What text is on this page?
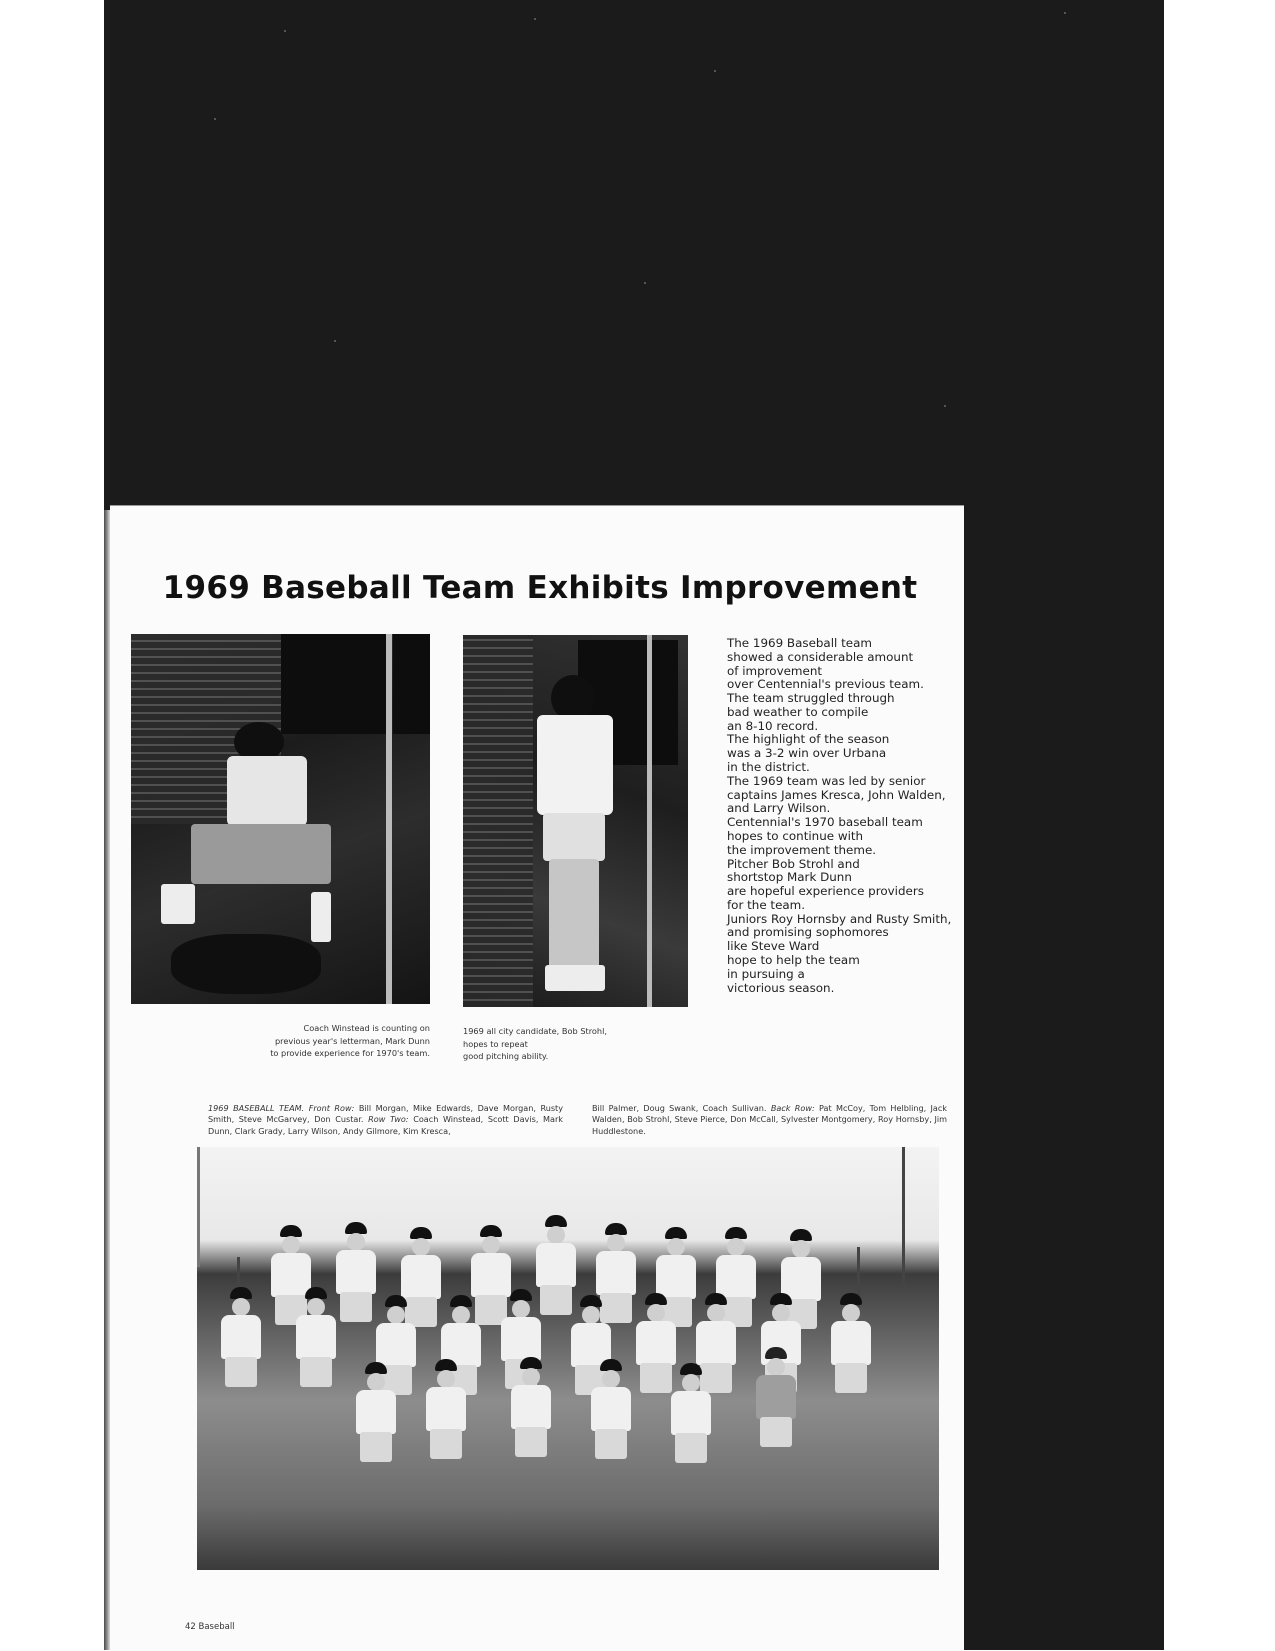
1969 Baseball Team Exhibits Improvement
The 1969 Baseball team
showed a considerable amount
of improvement
over Centennial's previous team.
The team struggled through
bad weather to compile
an 8-10 record.
The highlight of the season
was a 3-2 win over Urbana
in the district.
The 1969 team was led by senior
captains James Kresca, John Walden,
and Larry Wilson.
Centennial's 1970 baseball team
hopes to continue with
the improvement theme.
Pitcher Bob Strohl and
shortstop Mark Dunn
are hopeful experience providers
for the team.
Juniors Roy Hornsby and Rusty Smith,
and promising sophomores
like Steve Ward
hope to help the team
in pursuing a
victorious season.

Coach Winstead is counting on
previous year's letterman, Mark Dunn
to provide experience for 1970's team.

1969 all city candidate, Bob Strohl,
hopes to repeat
good pitching ability.

1969 BASEBALL TEAM. Front Row: Bill Morgan, Mike Edwards, Dave Morgan, Rusty Smith, Steve McGarvey, Don Custar. Row Two: Coach Winstead, Scott Davis, Mark Dunn, Clark Grady, Larry Wilson, Andy Gilmore, Kim Kresca,

Bill Palmer, Doug Swank, Coach Sullivan. Back Row: Pat McCoy, Tom Helbling, Jack Walden, Bob Strohl, Steve Pierce, Don McCall, Sylvester Montgomery, Roy Hornsby, Jim Huddlestone.

42 Baseball
